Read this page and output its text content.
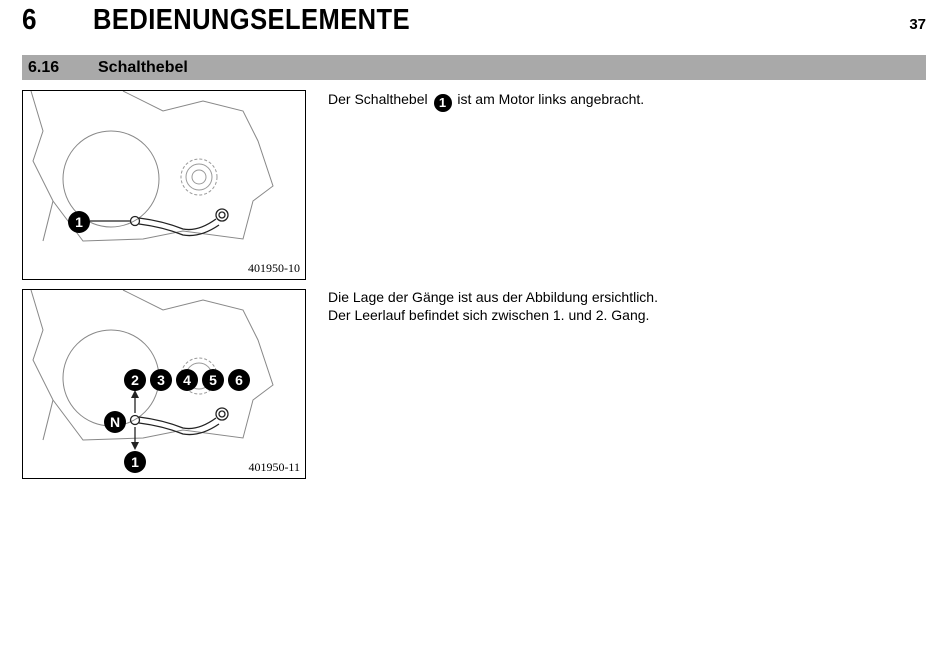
6 BEDIENUNGSELEMENTE	37
6.16 Schalthebel
1
401950-10

Der Schalthebel 1 ist am Motor links angebracht.

2 3 4 5 6
N
1	401950-11

Die Lage der Gänge ist aus der Abbildung ersichtlich.

Der Leerlauf befindet sich zwischen 1. und 2. Gang.
